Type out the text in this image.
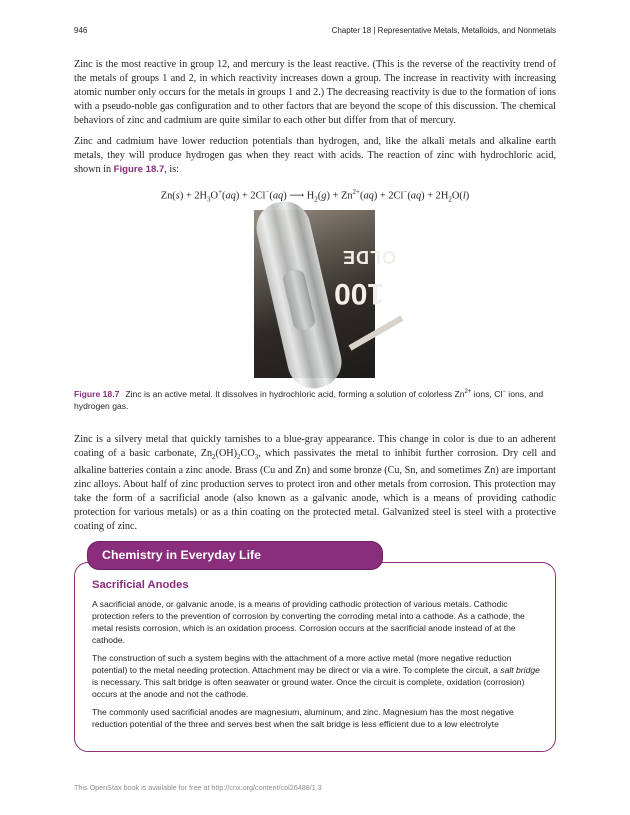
946	Chapter 18 | Representative Metals, Metalloids, and Nonmetals

Zinc is the most reactive in group 12, and mercury is the least reactive. (This is the reverse of the reactivity trend of the metals of groups 1 and 2, in which reactivity increases down a group. The increase in reactivity with increasing atomic number only occurs for the metals in groups 1 and 2.) The decreasing reactivity is due to the formation of ions with a pseudo-noble gas configuration and to other factors that are beyond the scope of this discussion. The chemical behaviors of zinc and cadmium are quite similar to each other but differ from that of mercury.

Zinc and cadmium have lower reduction potentials than hydrogen, and, like the alkali metals and alkaline earth metals, they will produce hydrogen gas when they react with acids. The reaction of zinc with hydrochloric acid, shown in Figure 18.7, is:

$Zn(s) + 2H_3O^+(aq) + 2Cl^-(aq)$ ⟶ $H_2(g) + Zn^{2+}(aq) + 2Cl^-(aq) + 2H_2O(l)$
OLDE
100
Figure 18.7 Zinc is an active metal. It dissolves in hydrochloric acid, forming a solution of colorless $Zn^{2+}$ ions, Cl− ions, and hydrogen gas.

Zinc is a silvery metal that quickly tarnishes to a blue-gray appearance. This change in color is due to an adherent coating of a basic carbonate, $Zn_2(OH)_2CO_3$, which passivates the metal to inhibit further corrosion. Dry cell and alkaline batteries contain a zinc anode. Brass (Cu and Zn) and some bronze (Cu, Sn, and sometimes Zn) are important zinc alloys. About half of zinc production serves to protect iron and other metals from corrosion. This protection may take the form of a sacrificial anode (also known as a galvanic anode, which is a means of providing cathodic protection for various metals) or as a thin coating on the protected metal. Galvanized steel is steel with a protective coating of zinc.

Chemistry in Everyday Life
Sacrificial Anodes

A sacrificial anode, or galvanic anode, is a means of providing cathodic protection of various metals. Cathodic protection refers to the prevention of corrosion by converting the corroding metal into a cathode. As a cathode, the metal resists corrosion, which is an oxidation process. Corrosion occurs at the sacrificial anode instead of at the cathode.

The construction of such a system begins with the attachment of a more active metal (more negative reduction potential) to the metal needing protection. Attachment may be direct or via a wire. To complete the circuit, a salt bridge is necessary. This salt bridge is often seawater or ground water. Once the circuit is complete, oxidation (corrosion) occurs at the anode and not the cathode.

The commonly used sacrificial anodes are magnesium, aluminum, and zinc. Magnesium has the most negative reduction potential of the three and serves best when the salt bridge is less efficient due to a low electrolyte

This OpenStax book is available for free at http://cnx.org/content/col26488/1.3
